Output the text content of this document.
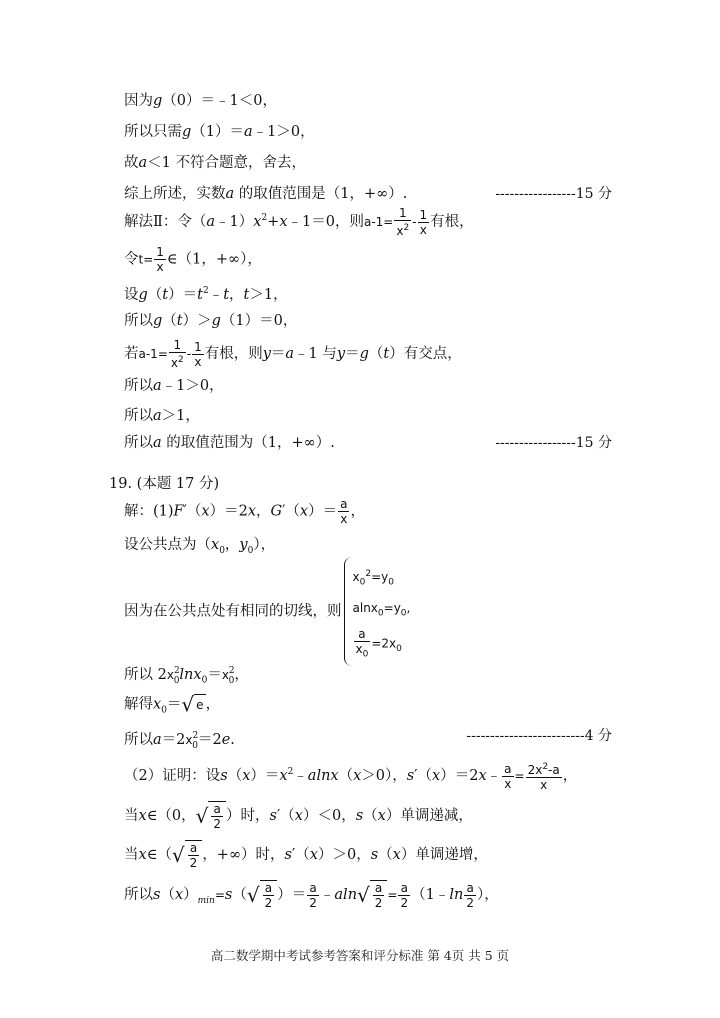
因为g（0）＝﹣1＜0，
所以只需g（1）＝a﹣1＞0，
故a＜1 不符合题意，舍去，
综上所述，实数a 的取值范围是（1，+∞）.	-----------------15 分
解法Ⅱ：令$(a﹣1)x^2+x﹣1=0$，则$a-1= \frac{1}{x^2} - \frac{1}{x}$ 有根，
令$t= \frac{1}{x}$ ∈（1，+∞），
设$g(t)=t^2﹣t$，t＞1，
所以g（t）＞g（1）＝0，
若$a-1= \frac{1}{x^2} - \frac{1}{x}$ 有根，则y＝a﹣1 与y＝g（t）有交点，
所以a﹣1＞0，
所以a＞1，
所以a 的取值范围为（1，+∞）.	-----------------15 分
19. (本题 17 分)
解：(1)F′（x）＝2x，$G'(x)= \frac{a}{x}$ ，
设公共点为（$x_0$，$y_0$），
因为在公共点处有相同的切线，则
$x_0^2=y_0$
$alnx_0=y_0$,
$\frac{a}{x_0} =2x_0$
所以 $2x^2_0\ln x_0=x^2_0$，
解得$x_0=√$ e ，
所以$a=2x^2_0=2e$.	-------------------------4 分
（2）证明：设$s(x)=x^2﹣alnx(x>0)$，s′（x）＝2x﹣ $\frac{a}{x} = \frac{2x^2-a}{x}$ ，
当x∈（0，√ $\frac{a}{2}$ ）时，s′（x）＜0，s（x）单调递减，
当x∈（√ $\frac{a}{2}$ ，+∞）时，s′（x）＞0，s（x）单调递增，
所以$s(x)_{min}=s(√ \frac{a}{2}$ ）＝ $\frac{a}{2}$ ﹣aln√ $\frac{a}{2} = \frac{a}{2}$ （1﹣ln $\frac{a}{2}$ ），
高二数学期中考试参考答案和评分标准 第 4页 共 5 页
